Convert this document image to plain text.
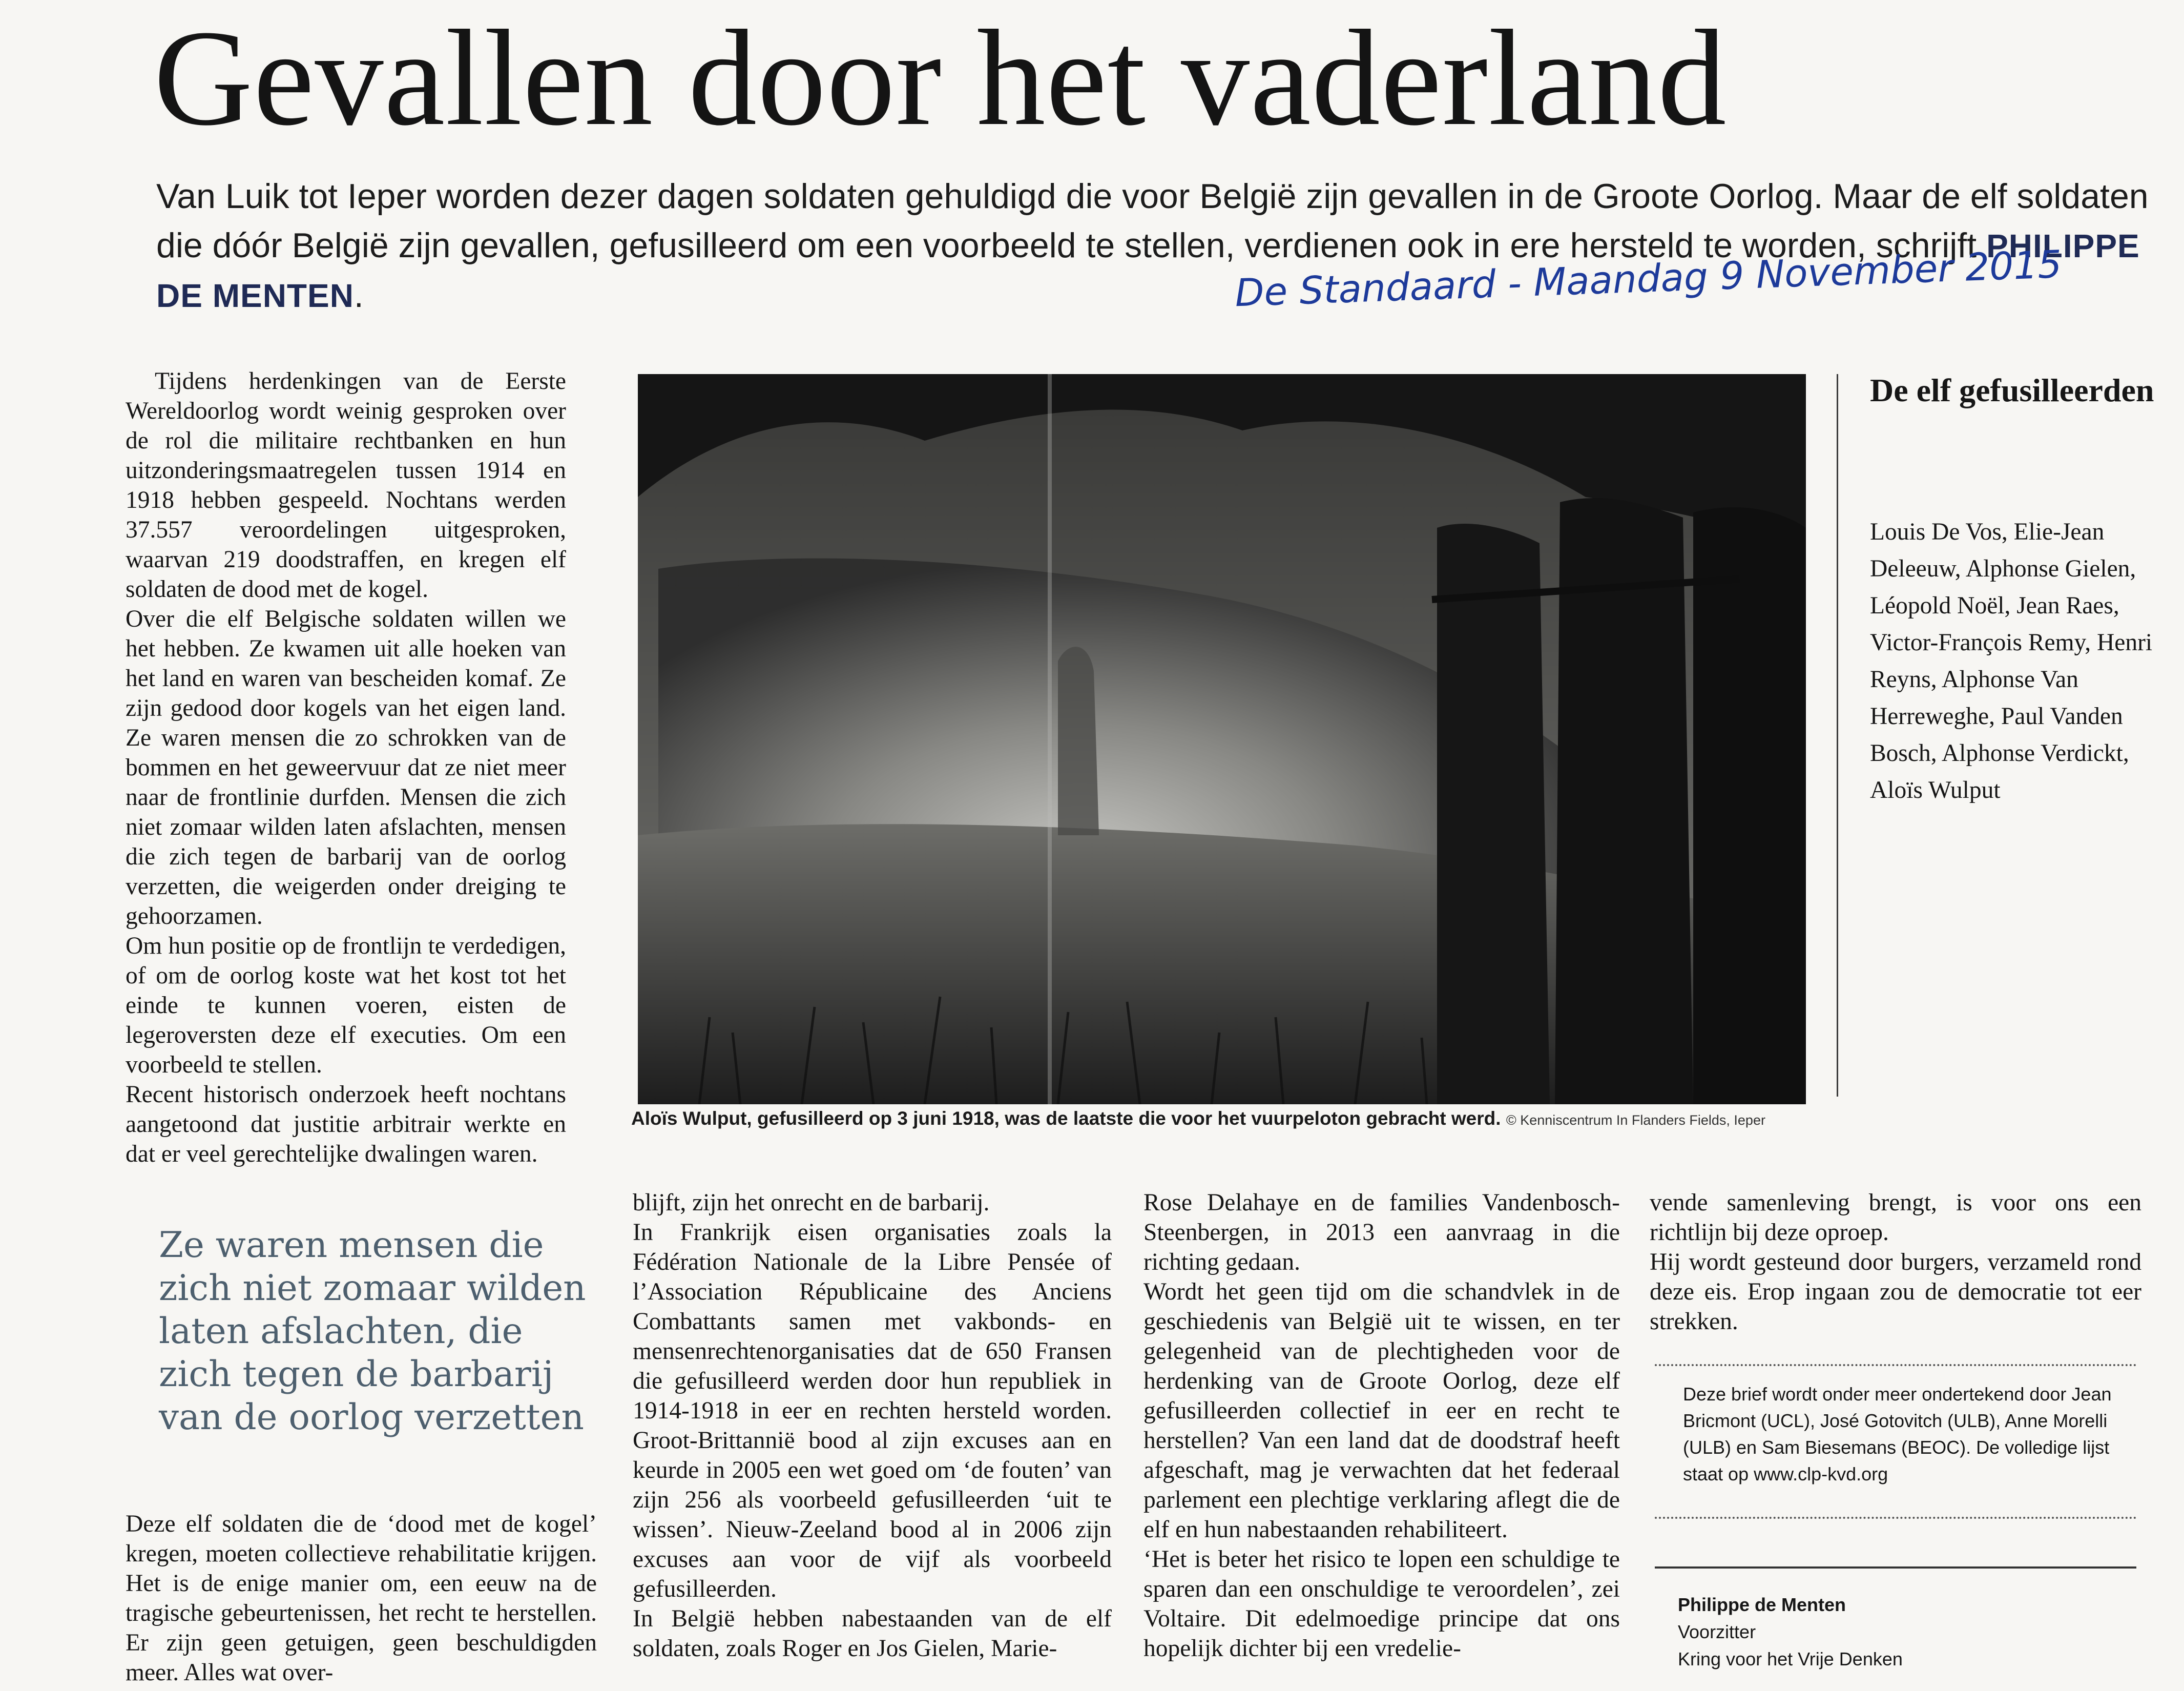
Gevallen door het vaderland

Van Luik tot Ieper worden dezer dagen soldaten gehuldigd die voor België zijn gevallen in de Groote Oorlog. Maar de elf soldaten die dóór België zijn gevallen, gefusilleerd om een voorbeeld te stellen, verdienen ook in ere hersteld te worden, schrijft PHILIPPE DE MENTEN.	De Standaard - Maandag 9 November 2015

Tijdens herdenkingen van de Eerste Wereldoorlog wordt weinig gesproken over de rol die militaire rechtbanken en hun uitzonderingsmaatregelen tussen 1914 en 1918 hebben gespeeld. Nochtans werden 37.557 veroordelingen uitgesproken, waarvan 219 doodstraffen, en kregen elf soldaten de dood met de kogel.

Over die elf Belgische soldaten willen we het hebben. Ze kwamen uit alle hoeken van het land en waren van bescheiden komaf. Ze zijn gedood door kogels van het eigen land. Ze waren mensen die zo schrokken van de bommen en het geweervuur dat ze niet meer naar de frontlinie durfden. Mensen die zich niet zomaar wilden laten afslachten, mensen die zich tegen de barbarij van de oorlog verzetten, die weigerden onder dreiging te gehoorzamen.

Om hun positie op de frontlijn te verdedigen, of om de oorlog koste wat het kost tot het einde te kunnen voeren, eisten de legeroversten deze elf executies. Om een voorbeeld te stellen.

Recent historisch onderzoek heeft nochtans aangetoond dat justitie arbitrair werkte en dat er veel gerechtelijke dwalingen waren.

Aloïs Wulput, gefusilleerd op 3 juni 1918, was de laatste die voor het vuurpeloton gebracht werd. © Kenniscentrum In Flanders Fields, Ieper
De elf gefusilleerden
Louis De Vos, Elie-Jean Deleeuw, Alphonse Gielen, Léopold Noël, Jean Raes, Victor-François Remy, Henri Reyns, Alphonse Van Herreweghe, Paul Vanden Bosch, Alphonse Verdickt, Aloïs Wulput

Ze waren mensen die zich niet zomaar wilden laten afslachten, die zich tegen de barbarij van de oorlog verzetten

Deze elf soldaten die de ‘dood met de kogel’ kregen, moeten collectieve rehabilitatie krijgen. Het is de enige manier om, een eeuw na de tragische gebeurtenissen, het recht te herstellen. Er zijn geen getuigen, geen beschuldigden meer. Alles wat over-

blijft, zijn het onrecht en de barbarij.

In Frankrijk eisen organisaties zoals la Fédération Nationale de la Libre Pensée of l’Association Républicaine des Anciens Combattants samen met vakbonds- en mensenrechtenorganisaties dat de 650 Fransen die gefusilleerd werden door hun republiek in 1914-1918 in eer en rechten hersteld worden. Groot-Brittannië bood al zijn excuses aan en keurde in 2005 een wet goed om ‘de fouten’ van zijn 256 als voorbeeld gefusilleerden ‘uit te wissen’. Nieuw-Zeeland bood al in 2006 zijn excuses aan voor de vijf als voorbeeld gefusilleerden.

In België hebben nabestaanden van de elf soldaten, zoals Roger en Jos Gielen, Marie-

Rose Delahaye en de families Vandenbosch-Steenbergen, in 2013 een aanvraag in die richting gedaan.

Wordt het geen tijd om die schandvlek in de geschiedenis van België uit te wissen, en ter gelegenheid van de plechtigheden voor de herdenking van de Groote Oorlog, deze elf gefusilleerden collectief in eer en recht te herstellen? Van een land dat de doodstraf heeft afgeschaft, mag je verwachten dat het federaal parlement een plechtige verklaring aflegt die de elf en hun nabestaanden rehabiliteert.

‘Het is beter het risico te lopen een schuldige te sparen dan een onschuldige te veroordelen’, zei Voltaire. Dit edelmoedige principe dat ons hopelijk dichter bij een vredelie-

vende samenleving brengt, is voor ons een richtlijn bij deze oproep.

Hij wordt gesteund door burgers, verzameld rond deze eis. Erop ingaan zou de democratie tot eer strekken.

Deze brief wordt onder meer ondertekend door Jean Bricmont (UCL), José Gotovitch (ULB), Anne Morelli (ULB) en Sam Biesemans (BEOC). De volledige lijst staat op www.clp-kvd.org
Philippe de Menten
Voorzitter
Kring voor het Vrije Denken
